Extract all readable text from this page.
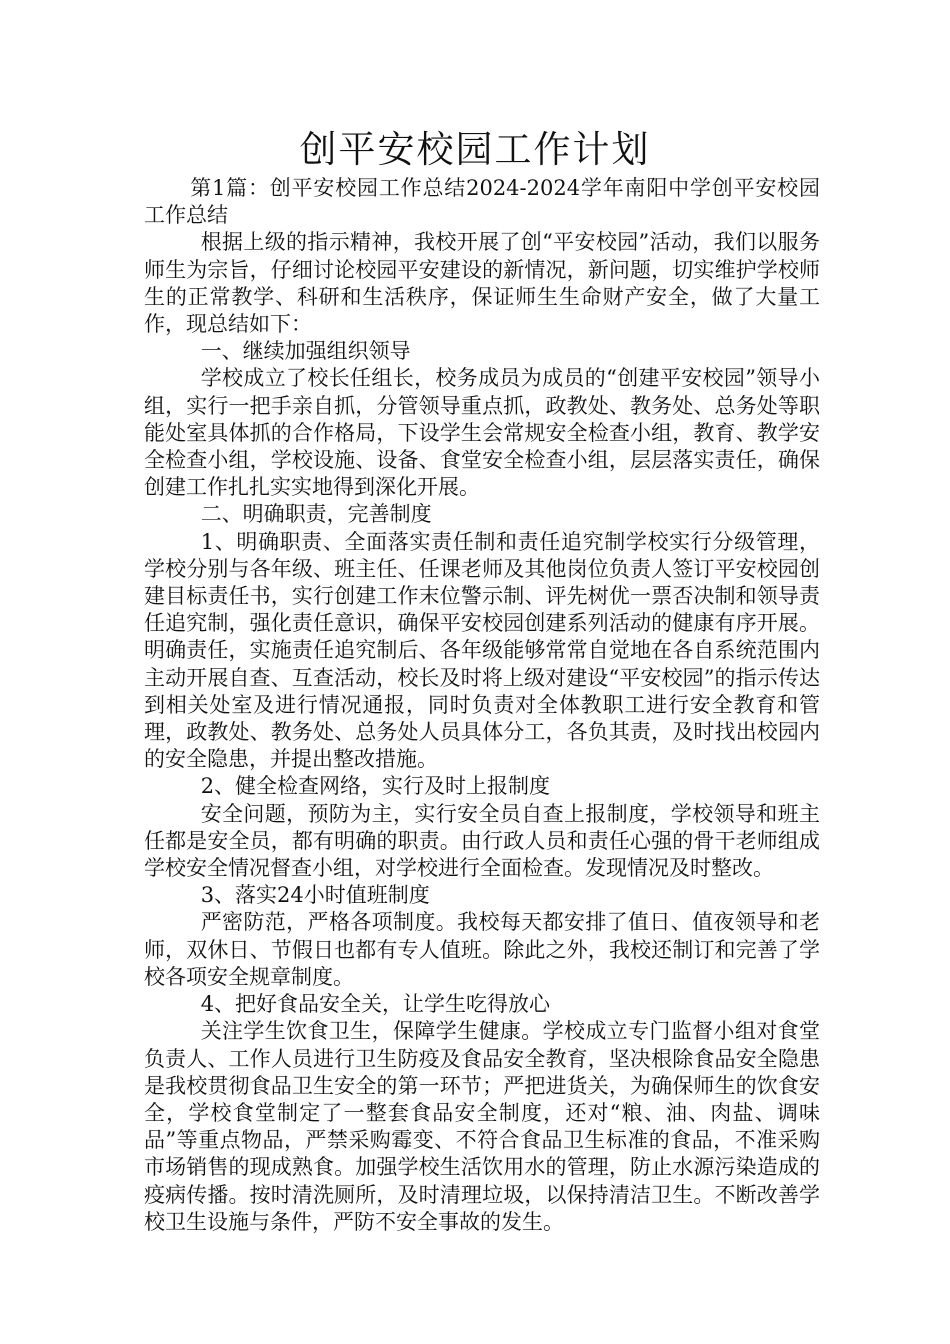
创平安校园工作计划

第1篇：创平安校园工作总结2024-2024学年南阳中学创平安校园工作总结

根据上级的指示精神，我校开展了创“平安校园”活动，我们以服务师生为宗旨，仔细讨论校园平安建设的新情况，新问题，切实维护学校师生的正常教学、科研和生活秩序，保证师生生命财产安全，做了大量工作，现总结如下：

一、继续加强组织领导

学校成立了校长任组长，校务成员为成员的“创建平安校园”领导小组，实行一把手亲自抓，分管领导重点抓，政教处、教务处、总务处等职能处室具体抓的合作格局，下设学生会常规安全检查小组，教育、教学安全检查小组，学校设施、设备、食堂安全检查小组，层层落实责任，确保创建工作扎扎实实地得到深化开展。

二、明确职责，完善制度

1、明确职责、全面落实责任制和责任追究制学校实行分级管理，学校分别与各年级、班主任、任课老师及其他岗位负责人签订平安校园创建目标责任书，实行创建工作末位警示制、评先树优一票否决制和领导责任追究制，强化责任意识，确保平安校园创建系列活动的健康有序开展。明确责任，实施责任追究制后、各年级能够常常自觉地在各自系统范围内主动开展自查、互查活动，校长及时将上级对建设“平安校园”的指示传达到相关处室及进行情况通报，同时负责对全体教职工进行安全教育和管理，政教处、教务处、总务处人员具体分工，各负其责，及时找出校园内的安全隐患，并提出整改措施。

2、健全检查网络，实行及时上报制度

安全问题，预防为主，实行安全员自查上报制度，学校领导和班主任都是安全员，都有明确的职责。由行政人员和责任心强的骨干老师组成学校安全情况督查小组，对学校进行全面检查。发现情况及时整改。

3、落实24小时值班制度

严密防范，严格各项制度。我校每天都安排了值日、值夜领导和老师，双休日、节假日也都有专人值班。除此之外，我校还制订和完善了学校各项安全规章制度。

4、把好食品安全关，让学生吃得放心

关注学生饮食卫生，保障学生健康。学校成立专门监督小组对食堂负责人、工作人员进行卫生防疫及食品安全教育，坚决根除食品安全隐患是我校贯彻食品卫生安全的第一环节；严把进货关，为确保师生的饮食安全，学校食堂制定了一整套食品安全制度，还对“粮、油、肉盐、调味品”等重点物品，严禁采购霉变、不符合食品卫生标准的食品，不准采购市场销售的现成熟食。加强学校生活饮用水的管理，防止水源污染造成的疫病传播。按时清洗厕所，及时清理垃圾，以保持清洁卫生。不断改善学校卫生设施与条件，严防不安全事故的发生。
